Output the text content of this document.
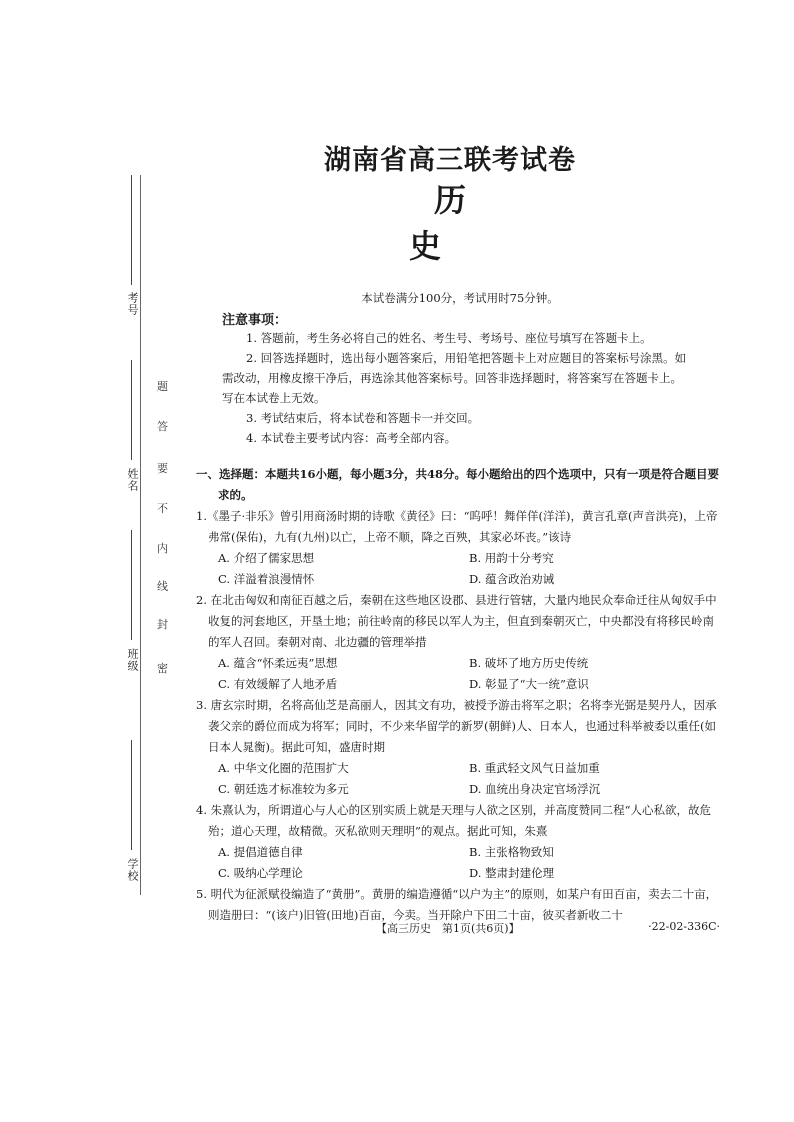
考号
姓名
班级
学校
密
封
线
内
不
要
答
题
湖南省高三联考试卷
历史
本试卷满分100分，考试用时75分钟。
注意事项：

1. 答题前，考生务必将自己的姓名、考生号、考场号、座位号填写在答题卡上。

2. 回答选择题时，选出每小题答案后，用铅笔把答题卡上对应题目的答案标号涂黑。如需改动，用橡皮擦干净后，再选涂其他答案标号。回答非选择题时，将答案写在答题卡上。写在本试卷上无效。

3. 考试结束后，将本试卷和答题卡一并交回。

4. 本试卷主要考试内容：高考全部内容。

一、选择题：本题共16小题，每小题3分，共48分。每小题给出的四个选项中，只有一项是符合题目要求的。

1.《墨子·非乐》曾引用商汤时期的诗歌《黄径》曰：“呜呼！舞佯佯(洋洋)，黄言孔章(声音洪亮)，上帝弗常(保佑)，九有(九州)以亡，上帝不顺，降之百殃，其家必坏丧。”该诗

A. 介绍了儒家思想	B. 用韵十分考究
C. 洋溢着浪漫情怀	D. 蕴含政治劝诫

2. 在北击匈奴和南征百越之后，秦朝在这些地区设郡、县进行管辖，大量内地民众奉命迁往从匈奴手中收复的河套地区，开垦土地；前往岭南的移民以军人为主，但直到秦朝灭亡，中央都没有将移民岭南的军人召回。秦朝对南、北边疆的管理举措

A. 蕴含“怀柔远夷”思想	B. 破坏了地方历史传统
C. 有效缓解了人地矛盾	D. 彰显了“大一统”意识

3. 唐玄宗时期，名将高仙芝是高丽人，因其文有功，被授予游击将军之职；名将李光弼是契丹人，因承袭父亲的爵位而成为将军；同时，不少来华留学的新罗(朝鲜)人、日本人，也通过科举被委以重任(如日本人晁衡)。据此可知，盛唐时期

A. 中华文化圈的范围扩大	B. 重武轻文风气日益加重
C. 朝廷选才标准较为多元	D. 血统出身决定官场浮沉

4. 朱熹认为，所谓道心与人心的区别实质上就是天理与人欲之区别，并高度赞同二程“人心私欲，故危殆；道心天理，故精微。灭私欲则天理明”的观点。据此可知，朱熹

A. 提倡道德自律	B. 主张格物致知
C. 吸纳心学理论	D. 整肃封建伦理

5. 明代为征派赋役编造了“黄册”。黄册的编造遵循“以户为主”的原则，如某户有田百亩，卖去二十亩，则造册曰：“(该户)旧管(田地)百亩，今卖。当开除户下田二十亩，彼买者新收二十

【高三历史　第1页(共6页)】	·22-02-336C·
